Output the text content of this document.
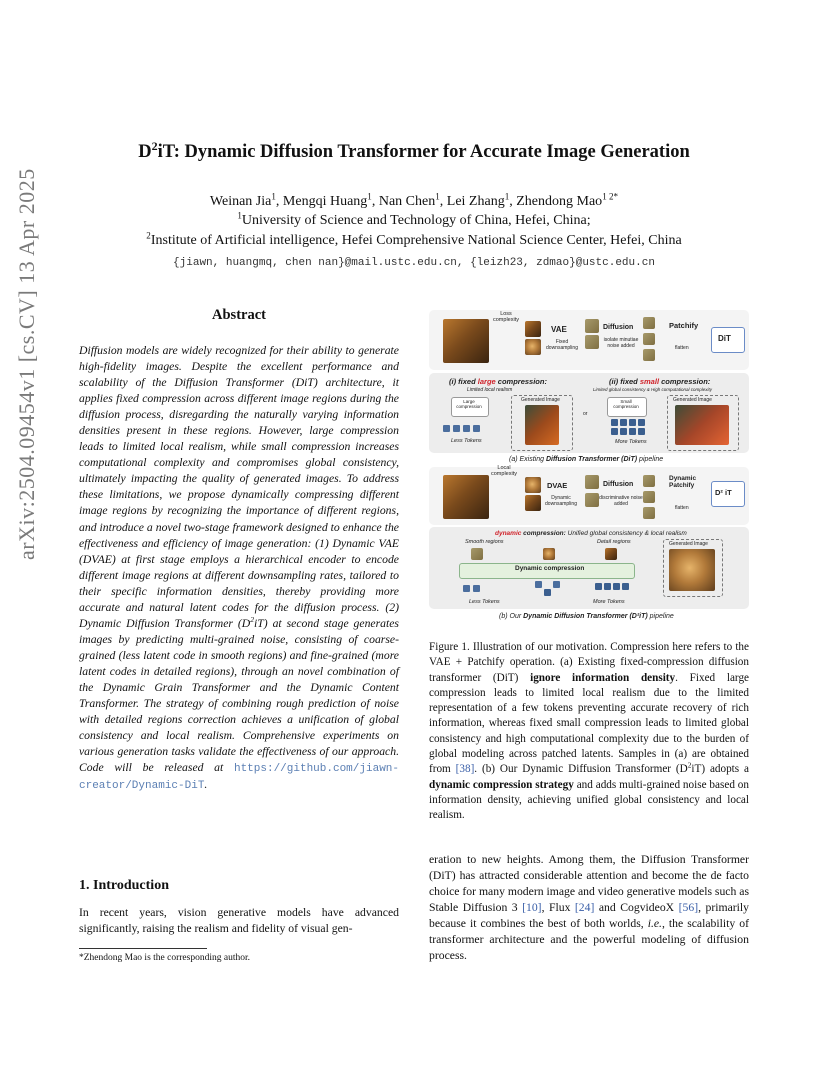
arXiv:2504.09454v1 [cs.CV] 13 Apr 2025
$D^2iT$: Dynamic Diffusion Transformer for Accurate Image Generation
Weinan Jia$^1$, Mengqi Huang$^1$, Nan Chen$^1$, Lei Zhang$^1$, Zhendong Mao$^{1 2*}$
$^1$University of Science and Technology of China, Hefei, China;
$^2$Institute of Artificial intelligence, Hefei Comprehensive National Science Center, Hefei, China
{jiawn, huangmq, chen nan}@mail.ustc.edu.cn, {leizh23, zdmao}@ustc.edu.cn
Abstract
Diffusion models are widely recognized for their ability to generate high-fidelity images. Despite the excellent performance and scalability of the Diffusion Transformer (DiT) architecture, it applies fixed compression across different image regions during the diffusion process, disregarding the naturally varying information densities present in these regions. However, large compression leads to limited local realism, while small compression increases computational complexity and compromises global consistency, ultimately impacting the quality of generated images. To address these limitations, we propose dynamically compressing different image regions by recognizing the importance of different regions, and introduce a novel two-stage framework designed to enhance the effectiveness and efficiency of image generation: (1) Dynamic VAE (DVAE) at first stage employs a hierarchical encoder to encode different image regions at different downsampling rates, tailored to their specific information densities, thereby providing more accurate and natural latent codes for the diffusion process. (2) Dynamic Diffusion Transformer $(D^2iT)$ at second stage generates images by predicting multi-grained noise, consisting of coarse-grained (less latent code in smooth regions) and fine-grained (more latent codes in detailed regions), through an novel combination of the Dynamic Grain Transformer and the Dynamic Content Transformer. The strategy of combining rough prediction of noise with detailed regions correction achieves a unification of global consistency and local realism. Comprehensive experiments on various generation tasks validate the effectiveness of our approach. Code will be released at https://github.com/jiawn-creator/Dynamic-DiT.
1. Introduction
In recent years, vision generative models have advanced significantly, raising the realism and fidelity of visual gen-
*Zhendong Mao is the corresponding author.
Loss complexity
VAE
Fixed downsampling
Diffusion
isolate minutiae noise added
Patchify
flatten
DiT
(i) fixed large compression:
Limited local realism
(ii) fixed small compression:
Limited global consistency & High computational complexity
Large compression
Generated Image
or
Small compression
Generated Image
Less Tokens	More Tokens
(a) Existing Diffusion Transformer (DiT) pipeline
Local complexity
DVAE
Dynamic downsampling
Diffusion
discriminative noise added
Dynamic Patchify
flatten
D² iT
dynamic compression: Unified global consistency & local realism
Smooth regions	Detail regions
Dynamic compression
Generated Image
Less Tokens	More Tokens
(b) Our Dynamic Diffusion Transformer (D²iT) pipeline
Figure 1. Illustration of our motivation. Compression here refers to the VAE + Patchify operation. (a) Existing fixed-compression diffusion transformer (DiT) ignore information density. Fixed large compression leads to limited local realism due to the limited representation of a few tokens preventing accurate recovery of rich information, whereas fixed small compression leads to limited global consistency and high computational complexity due to the burden of global modeling across patched latents. Samples in (a) are obtained from [38]. (b) Our Dynamic Diffusion Transformer $(D^2iT)$ adopts a dynamic compression strategy and adds multi-grained noise based on information density, achieving unified global consistency and local realism.
eration to new heights. Among them, the Diffusion Transformer (DiT) has attracted considerable attention and become the de facto choice for many modern image and video generative models such as Stable Diffusion 3 [10], Flux [24] and CogvideoX [56], primarily because it combines the best of both worlds, i.e., the scalability of transformer architecture and the powerful modeling of diffusion process.
